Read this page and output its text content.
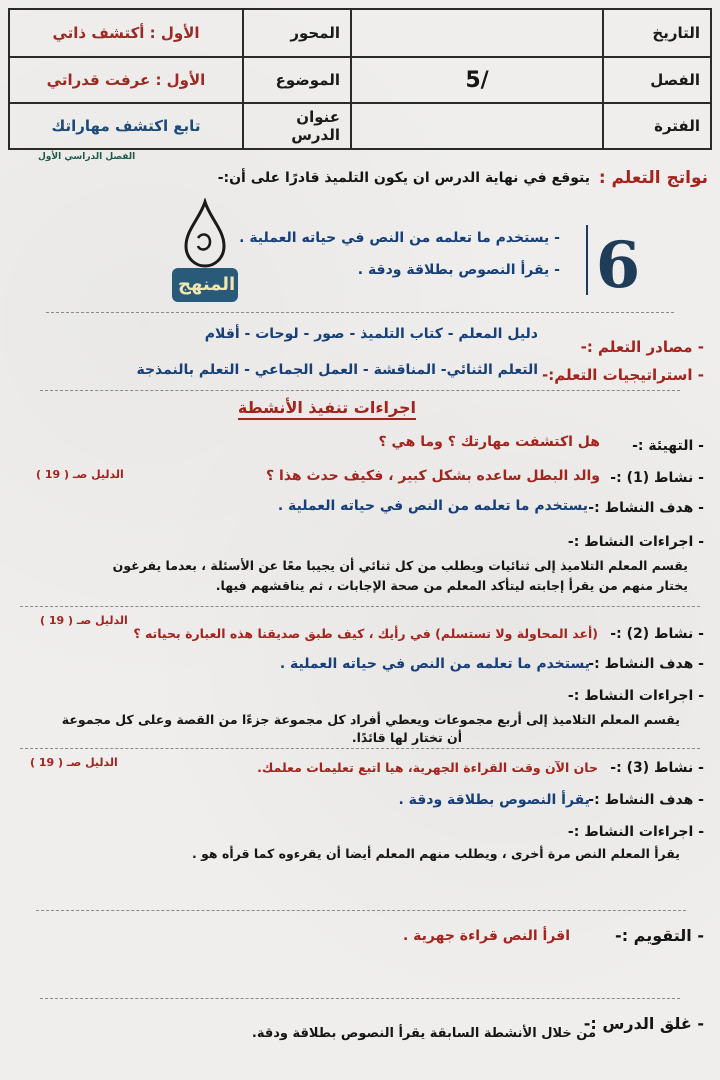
التاريخ		المحور	الأول : أكتشف ذاتي
الفصل	/5	الموضوع	الأول : عرفت قدراتي
الفترة		عنوان الدرس	تابع اكتشف مهاراتك
الفصل الدراسي الأول
نواتج التعلم :
يتوقع في نهاية الدرس ان يكون التلميذ قادرًا على أن:-
6
- يستخدم ما تعلمه من النص في حياته العملية .
- يقرأ النصوص بطلاقة ودقة .
المنهج
- مصادر التعلم :-
دليل المعلم - كتاب التلميذ - صور - لوحات - أقلام
- استراتيجيات التعلم:-
التعلم الثنائي- المناقشة - العمل الجماعي - التعلم بالنمذجة
اجراءات تنفيذ الأنشطة
- التهيئة :-
هل اكتشفت مهارتك ؟ وما هي ؟
- نشاط (1) :-
والد البطل ساعده بشكل كبير ، فكيف حدث هذا ؟
الدليل صـ ( 19 )
- هدف النشاط :-
يستخدم ما تعلمه من النص في حياته العملية .
- اجراءات النشاط :-
يقسم المعلم التلاميذ إلى ثنائيات ويطلب من كل ثنائي أن يجيبا معًا عن الأسئلة ، بعدما يفرغون
يختار منهم من يقرأ إجابته ليتأكد المعلم من صحة الإجابات ، ثم يناقشهم فيها.
- نشاط (2) :-
(أعد المحاولة ولا تستسلم) في رأيك ، كيف طبق صديقنا هذه العبارة بحياته ؟
الدليل صـ ( 19 )
- هدف النشاط :-
يستخدم ما تعلمه من النص في حياته العملية .
- اجراءات النشاط :-
يقسم المعلم التلاميذ إلى أربع مجموعات ويعطي أفراد كل مجموعة جزءًا من القصة وعلى كل مجموعة
أن تختار لها قائدًا.
- نشاط (3) :-
حان الآن وقت القراءة الجهرية، هيا اتبع تعليمات معلمك.
الدليل صـ ( 19 )
- هدف النشاط :-
يقرأ النصوص بطلاقة ودقة .
- اجراءات النشاط :-
يقرأ المعلم النص مرة أخرى ، ويطلب منهم المعلم أيضا أن يقرءوه كما قرأه هو .
- التقويم :-
اقرأ النص قراءة جهرية .
- غلق الدرس :-
من خلال الأنشطة السابقة يقرأ النصوص بطلاقة ودقة.
